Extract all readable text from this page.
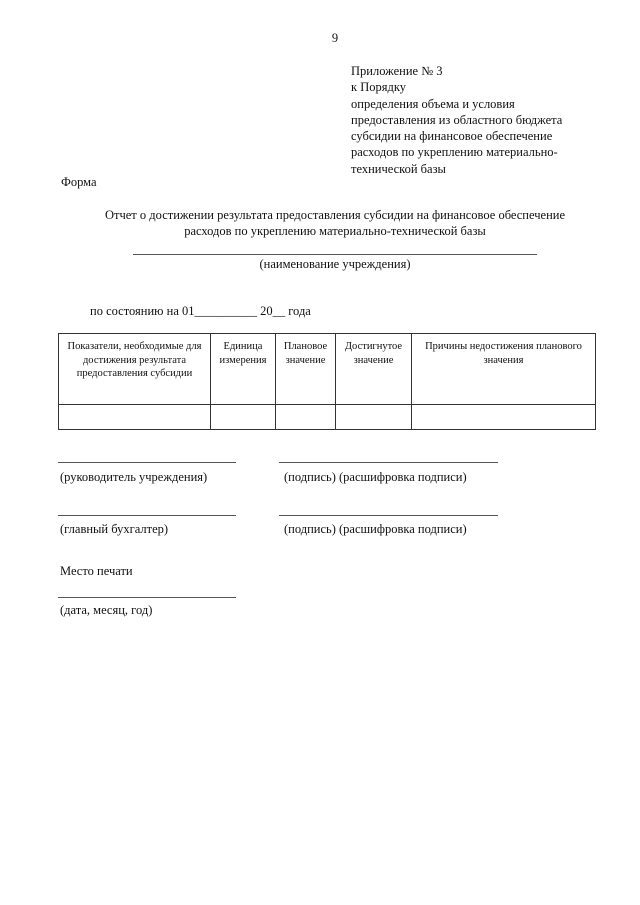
9
Приложение № 3
к Порядку
определения объема и условия
предоставления из областного бюджета
субсидии на финансовое обеспечение
расходов по укреплению материально-
технической базы
Форма
Отчет о достижении результата предоставления субсидии на финансовое обеспечение
расходов по укреплению материально-технической базы
(наименование учреждения)
по состоянию на 01__________ 20__ года
Показатели, необходимые для достижения результата предоставления субсидии	Единица измерения	Плановое значение	Достигнутое значение	Причины недостижения планового значения

(руководитель учреждения)	(подпись) (расшифровка подписи)
(главный бухгалтер)	(подпись) (расшифровка подписи)
Место печати
(дата, месяц, год)
